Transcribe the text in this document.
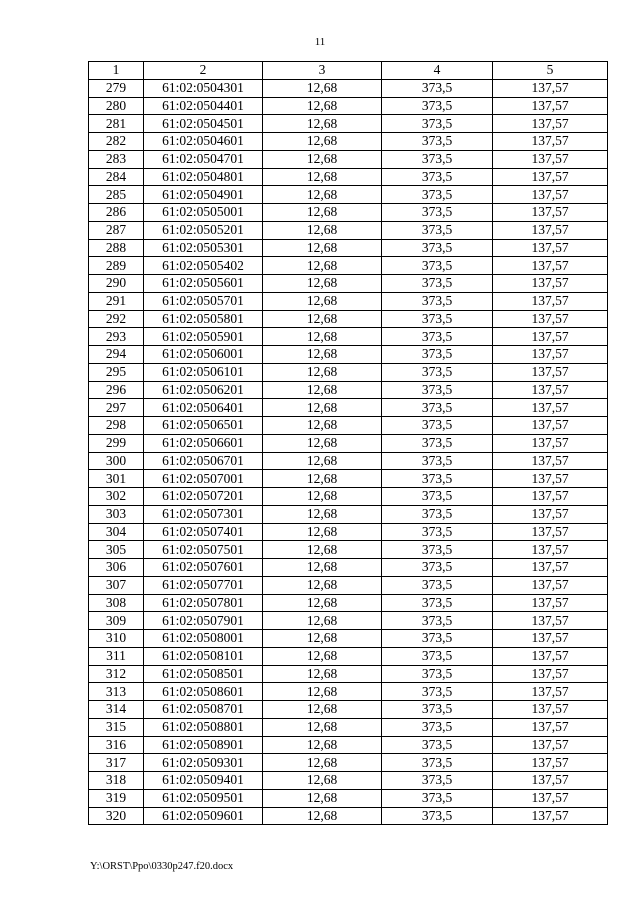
11
1	2	3	4	5
279	61:02:0504301	12,68	373,5	137,57
280	61:02:0504401	12,68	373,5	137,57
281	61:02:0504501	12,68	373,5	137,57
282	61:02:0504601	12,68	373,5	137,57
283	61:02:0504701	12,68	373,5	137,57
284	61:02:0504801	12,68	373,5	137,57
285	61:02:0504901	12,68	373,5	137,57
286	61:02:0505001	12,68	373,5	137,57
287	61:02:0505201	12,68	373,5	137,57
288	61:02:0505301	12,68	373,5	137,57
289	61:02:0505402	12,68	373,5	137,57
290	61:02:0505601	12,68	373,5	137,57
291	61:02:0505701	12,68	373,5	137,57
292	61:02:0505801	12,68	373,5	137,57
293	61:02:0505901	12,68	373,5	137,57
294	61:02:0506001	12,68	373,5	137,57
295	61:02:0506101	12,68	373,5	137,57
296	61:02:0506201	12,68	373,5	137,57
297	61:02:0506401	12,68	373,5	137,57
298	61:02:0506501	12,68	373,5	137,57
299	61:02:0506601	12,68	373,5	137,57
300	61:02:0506701	12,68	373,5	137,57
301	61:02:0507001	12,68	373,5	137,57
302	61:02:0507201	12,68	373,5	137,57
303	61:02:0507301	12,68	373,5	137,57
304	61:02:0507401	12,68	373,5	137,57
305	61:02:0507501	12,68	373,5	137,57
306	61:02:0507601	12,68	373,5	137,57
307	61:02:0507701	12,68	373,5	137,57
308	61:02:0507801	12,68	373,5	137,57
309	61:02:0507901	12,68	373,5	137,57
310	61:02:0508001	12,68	373,5	137,57
311	61:02:0508101	12,68	373,5	137,57
312	61:02:0508501	12,68	373,5	137,57
313	61:02:0508601	12,68	373,5	137,57
314	61:02:0508701	12,68	373,5	137,57
315	61:02:0508801	12,68	373,5	137,57
316	61:02:0508901	12,68	373,5	137,57
317	61:02:0509301	12,68	373,5	137,57
318	61:02:0509401	12,68	373,5	137,57
319	61:02:0509501	12,68	373,5	137,57
320	61:02:0509601	12,68	373,5	137,57
Y:\ORST\Ppo\0330p247.f20.docx
